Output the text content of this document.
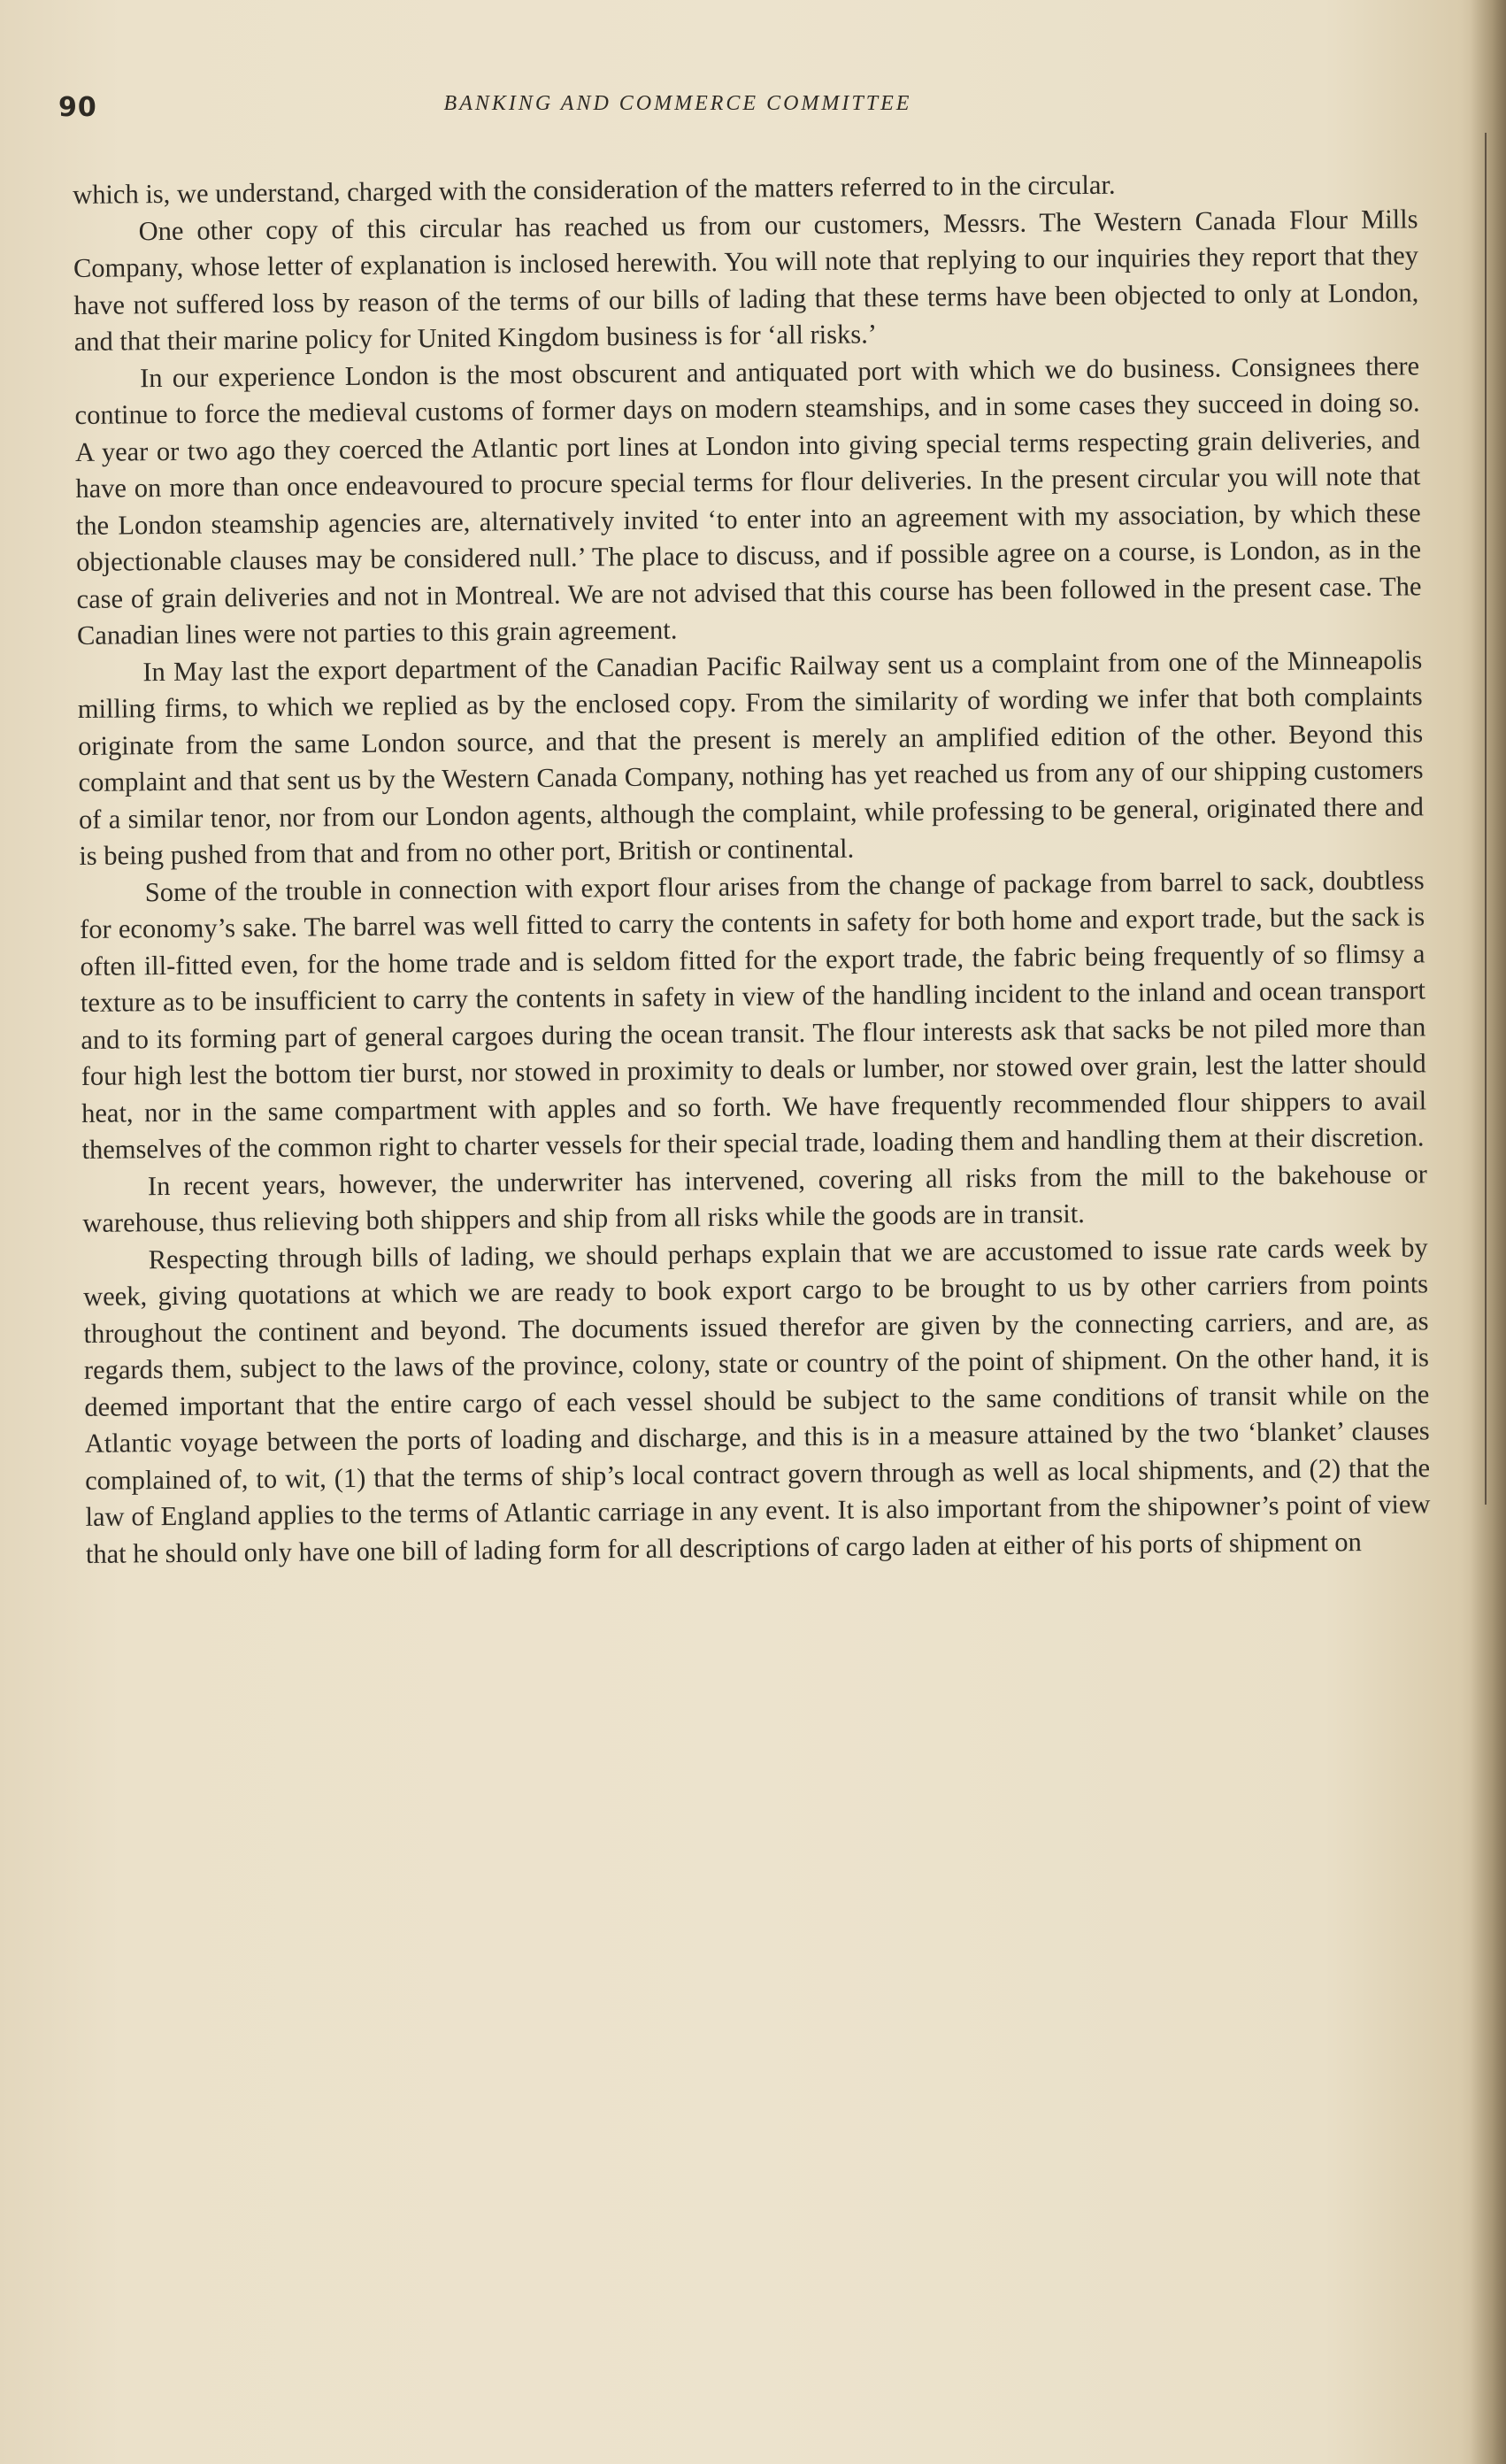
90	BANKING AND COMMERCE COMMITTEE

which is, we understand, charged with the consideration of the matters referred to in the circular.

One other copy of this circular has reached us from our customers, Messrs. The Western Canada Flour Mills Company, whose letter of explanation is inclosed herewith. You will note that replying to our inquiries they report that they have not suffered loss by reason of the terms of our bills of lading that these terms have been objected to only at London, and that their marine policy for United Kingdom business is for ‘all risks.’

In our experience London is the most obscurent and antiquated port with which we do business. Consignees there continue to force the medieval customs of former days on modern steamships, and in some cases they succeed in doing so. A year or two ago they coerced the Atlantic port lines at London into giving special terms respecting grain deliveries, and have on more than once endeavoured to procure special terms for flour deliveries. In the present circular you will note that the London steamship agencies are, alternatively invited ‘to enter into an agreement with my association, by which these objectionable clauses may be considered null.’ The place to discuss, and if possible agree on a course, is London, as in the case of grain deliveries and not in Montreal. We are not advised that this course has been followed in the present case. The Canadian lines were not parties to this grain agreement.

In May last the export department of the Canadian Pacific Railway sent us a complaint from one of the Minneapolis milling firms, to which we replied as by the enclosed copy. From the similarity of wording we infer that both complaints originate from the same London source, and that the present is merely an amplified edition of the other. Beyond this complaint and that sent us by the Western Canada Company, nothing has yet reached us from any of our shipping customers of a similar tenor, nor from our London agents, although the complaint, while professing to be general, originated there and is being pushed from that and from no other port, British or continental.

Some of the trouble in connection with export flour arises from the change of package from barrel to sack, doubtless for economy’s sake. The barrel was well fitted to carry the contents in safety for both home and export trade, but the sack is often ill-fitted even, for the home trade and is seldom fitted for the export trade, the fabric being frequently of so flimsy a texture as to be insufficient to carry the contents in safety in view of the handling incident to the inland and ocean transport and to its forming part of general cargoes during the ocean transit. The flour interests ask that sacks be not piled more than four high lest the bottom tier burst, nor stowed in proximity to deals or lumber, nor stowed over grain, lest the latter should heat, nor in the same compartment with apples and so forth. We have frequently recommended flour shippers to avail themselves of the common right to charter vessels for their special trade, loading them and handling them at their discretion.

In recent years, however, the underwriter has intervened, covering all risks from the mill to the bakehouse or warehouse, thus relieving both shippers and ship from all risks while the goods are in transit.

Respecting through bills of lading, we should perhaps explain that we are accustomed to issue rate cards week by week, giving quotations at which we are ready to book export cargo to be brought to us by other carriers from points throughout the continent and beyond. The documents issued therefor are given by the connecting carriers, and are, as regards them, subject to the laws of the province, colony, state or country of the point of shipment. On the other hand, it is deemed important that the entire cargo of each vessel should be subject to the same conditions of transit while on the Atlantic voyage between the ports of loading and discharge, and this is in a measure attained by the two ‘blanket’ clauses complained of, to wit, (1) that the terms of ship’s local contract govern through as well as local shipments, and (2) that the law of England applies to the terms of Atlantic carriage in any event. It is also important from the shipowner’s point of view that he should only have one bill of lading form for all descriptions of cargo laden at either of his ports of shipment on
